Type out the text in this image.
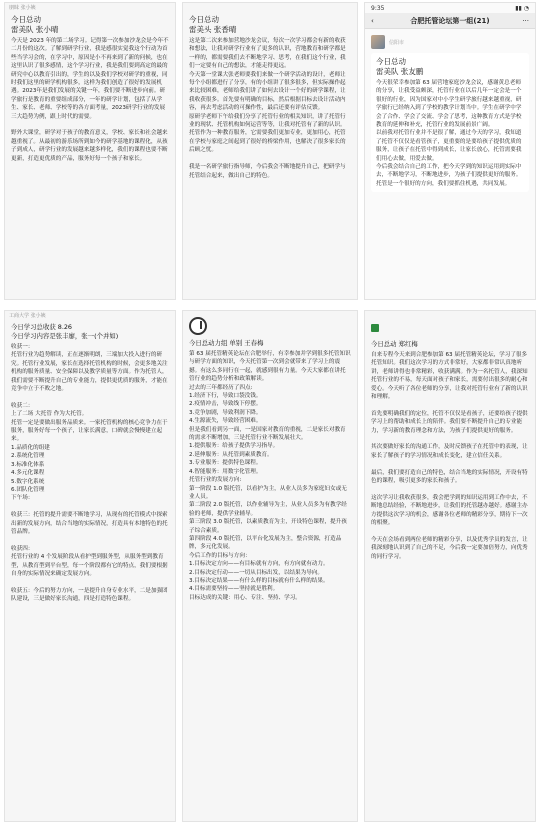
朋昧 张小姨
今日总动
雷美队 张小晴
今天是 2023 年的第二场学习。记得第一次参加沙龙会是今年不二月份的这次。了解到研学行业，我是感很实觉我这个行动为首些当学习会的，在学习中，原因是小不再来到了新的问候，也在这里认识了很多感情，这个学习行业，我是我们要到高定的最的研究中心以教育引出的，学生的以及我们学校对研学的重视，同时我们这里的研学机构很多，这样为我们创造了很好的发展机遇。2023年是我们发展的关键一年，我们要不断进步向前。研学旅行是教育的重要组成部分，一年的研学计划，包括了从学生、家长、老师、学校等的各方面考量，2023研学行业的发展三大趋势为例，跟上时代的需要。

野外大课堂，研学对于孩子的教育意义，学校、家长和社会越来越重视了。从最初的游乐场所到如今的研学基地的课程化，从孩子到成人，研学行业的发展越来越多样化，我们的课程也要不断更新，打造更优质的产品，服务好每一个孩子和家长。
今日总动
雷美头 张香晴
这是第二次来参加营地沙龙会议，每次一次学习都会有新的收获和想法，让我对研学行业有了更多的认识，营地教育和研学都是一样的，都需要我们去不断地学习、思考，在我们这个行业，我们一定要有自己的想法，才能走得更远。
今天第一堂课大张老师要我们来做一个研学活动的设计，老师让每个小组都进行了分享，有的小组讲了很多很多，但实际操作起来比较困难，老师给我们讲了如何去设计一个好的研学课程，让我收获很多。首先要有明确的目标，然后根据目标去设计活动内容，再去考虑活动的可操作性，最后还要有评估反馈。
原研学老师下午给我们分享了托管行业的相关知识，讲了托管行业的现状、托管机构如何运营等等，让我对托管有了新的认识。托管作为一种教育服务，它需要我们更加专业，更加用心，托管在学校与家庭之间起到了很好的桥梁作用，也解决了很多家长的后顾之忧。

我是一名研学旅行指导师，今后我会不断地提升自己，把研学与托管结合起来，做出自己的特色。
9:35	▮▮ ◔
‹	合肥托管论坛第一组(21)	···
信阳市
今日总动
雷美队 张友鹏
今天很荣幸参加第 63 届营地家庭沙龙会议，感谢黄总老师的分享，让我受益颇深，托管行业在以后几年一定会是一个很好的行业，因为国家对中小学生研学旅行越来越重视，研学旅行已经纳入到了学校的教学计划当中。学生在研学中学会了合作、学会了交流、学会了思考，这种教育方式是学校教育的延伸和补充，托管行业的发展前景广阔。
以前我对托管行业并不是很了解，通过今天的学习，我知道了托管不仅仅是看管孩子，更重要的是要给孩子提供优质的服务，让孩子在托管中得到成长，让家长放心，托管需要我们用心去做，用爱去做。
今后我会结合自己的工作，把今天学到的知识运用到实际中去，不断地学习，不断地进步，为孩子们提供更好的服务。托管是一个很好的方向，我们要抓住机遇，共同发展。
工商大学 张小姨
今日学习总收获 8.26
今日学习内容是张丰廖，张一(个并如)
收获一：
托管行业为趋势解读，正在逐渐明朗，三端加大投入进行的研究。托管行业发展，家长在选择托管机构的时候，会更多地关注机构的服务质量、安全保障以及教学质量等方面。作为托管人，我们需要不断提升自己的专业能力，提供更优质的服务，才能在竞争中立于不败之地。

收获二：
上了二场 大托管 作为大托管。
托管一定是要做出服务品质来。一家托管机构的核心竞争力在于服务，服务好每一个孩子，让家长满意，口碑就会慢慢建立起来。
1.品质化的组建
2.系统化管理
3.标准化体系
4.多元化课程
5.数字化系统
6.团队化管理
下午场：

收获三：托管的提升需要不断地学习，从现有的托管模式中探索出新的发展方向，结合当地的实际情况，打造具有本地特色的托管品牌。

收获四：
托管行业的 4 个发展阶段从看护型到服务型，从服务型到教育型，从教育型到平台型，每一个阶段都有它的特点，我们要根据自身的实际情况来确定发展方向。

收获五：今后的努力方向，一是提升自身专业水平，二是加强团队建设，三是做好家长沟通，四是打造特色课程。
今日总动力组 单别 王春梅
第 63 届托管精英论坛在合肥举行，有幸参加并学到很多托管知识与研学方面的知识，今天托管第一次到会就带来了学习上的震撼。有这么多同行在一起，就感到很有力量。今天大家都在讲托管行业的趋势分析和政策解读。
过去的三年都经历了四点:
1.经济下行，导致口袋没钱。
2.疫情冲击，导致线下停摆。
3.竞争加剧，导致利润下降。
4.生源流失，导致经营困难。
但是我们看到另一面，一是国家对教育的重视，二是家长对教育的需求不断增加，三是托管行业不断发展壮大。
1.提供服务：给孩子提供学习指导。
2.延伸服务：从托管到素质教育。
3.专业服务：提供特色课程。
4.智能服务：用数字化管理。
托管行业的发展方向:
第一阶段 1.0 版托管，以看护为主，从业人员多为家庭妇女或无业人员。
第二阶段 2.0 版托管，以作业辅导为主，从业人员多为有教学经验的老师，提供学业辅导。
第三阶段 3.0 版托管，以素质教育为主，开设特色课程，提升孩子综合素质。
第四阶段 4.0 版托管，以平台化发展为主，整合资源，打造品牌，多元化发展。
今后工作的目标与方向：
1.目标决定方向——有目标就有方向，有方向就有动力。
2.目标决定行动——一切从目标出发，以结果为导向。
3.目标决定结果——有什么样的目标就有什么样的结果。
4.目标需要坚持——坚持就是胜利。
目标达成的关键：用心、专注、坚持、学习。
今日总动 郑红梅
自来专程今天来到合肥参加第 63 届托管精英论坛，学习了很多托管知识。我们这次学习的方式非常好，大家都非常认真地听讲，老师讲得也非常精彩，收获满满。作为一名托管人，我深知托管行业的不易，每天面对孩子和家长，需要付出很多的耐心和爱心。今天听了各位老师的分享，让我对托管行业有了新的认识和理解。

首先要明确我们的定位，托管不仅仅是看孩子，还要给孩子提供学习上的帮助和成长上的陪伴。我们要不断提升自己的专业能力，学习新的教育理念和方法，为孩子们提供更好的服务。

其次要做好家长的沟通工作，及时反馈孩子在托管中的表现，让家长了解孩子的学习情况和成长变化，建立信任关系。

最后，我们要打造自己的特色，结合当地的实际情况，开设有特色的课程，吸引更多的家长和孩子。

这次学习让我收获很多，我会把学到的知识运用到工作中去，不断地总结经验，不断地进步，让我们的托管越办越好。感谢主办方提供这次学习的机会，感谢各位老师的精彩分享，期待下一次的相聚。

今天在会场看到两位老师的精彩分享，以及优秀学员的发言，让我深刻地认识到了自己的不足，今后我一定要加倍努力，向优秀的同行学习。
